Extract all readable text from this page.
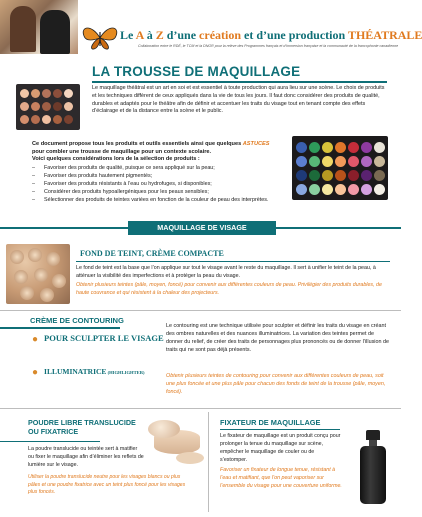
Le A à Z d’une création et d’une production THÉATRALE
Collaboration entre le RDÉ, le TCM et la DNGR pour la relève des Programmes français et d’immersion française et la communauté de la francophonie canadienne
LA TROUSSE DE MAQUILLAGE
Le maquillage théâtral est un art en soi et est essentiel à toute production qui aura lieu sur une scène. Le choix de produits et les techniques diffèrent de ceux appliqués dans la vie de tous les jours. Il faut donc considérer des produits de qualité, durables et adaptés pour le théâtre afin de définir et accentuer les traits du visage tout en tenant compte des effets d’éclairage et de la distance entre la scène et le public.
Ce document propose tous les produits et outils essentiels ainsi que quelques ASTUCES pour combler une trousse de maquillage pour un contexte scolaire.
Voici quelques considérations lors de la sélection de produits :
– Favoriser des produits de qualité, puisque ce sera appliqué sur la peau;
– Favoriser des produits hautement pigmentés;
– Favoriser des produits résistants à l’eau ou hydrofuges, si disponibles;
– Considérer des produits hypoallergéniques pour les peaux sensibles;
– Sélectionner des produits de teintes variées en fonction de la couleur de peau des interprètes.
MAQUILLAGE DE VISAGE
FOND DE TEINT, CRÈME COMPACTE
Le fond de teint est la base que l’on applique sur tout le visage avant le reste du maquillage. Il sert à unifier le teint de la peau, à atténuer la visibilité des imperfections et à protéger la peau du visage.
Obtenir plusieurs teintes (pâle, moyen, foncé) pour convenir aux différentes couleurs de peau. Privilégier des produits durables, de haute couvrance et qui résistent à la chaleur des projecteurs.
CRÈME DE CONTOURING
● POUR SCULPTER LE VISAGE
● ILLUMINATRICE (HIGHLIGHTER)
Le contouring est une technique utilisée pour sculpter et définir les traits du visage en créant des ombres naturelles et des nuances illuminatrices. La variation des teintes permet de donner du relief, de créer des traits de personnages plus prononcés ou de donner l’illusion de traits qui ne sont pas déjà présents.
Obtenir plusieurs teintes de contouring pour convenir aux différentes couleurs de peau, soit une plus foncée et une plus pâle pour chacun des fonds de teint de la trousse (pâle, moyen, foncé).
POUDRE LIBRE TRANSLUCIDE OU FIXATRICE
La poudre translucide ou teintée sert à matifier ou fixer le maquillage afin d’éliminer les reflets de lumière sur le visage.
Utiliser la poudre translucide neutre pour les visages blancs ou plus pâles et une poudre fixatrice avec un teint plus foncé pour les visages plus foncés.
FIXATEUR DE MAQUILLAGE
Le fixateur de maquillage est un produit conçu pour prolonger la tenue du maquillage sur scène, empêcher le maquillage de couler ou de s’estomper.
Favoriser un fixateur de longue tenue, résistant à l’eau et matifiant, que l’on peut vaporiser sur l’ensemble du visage pour une couverture uniforme.
